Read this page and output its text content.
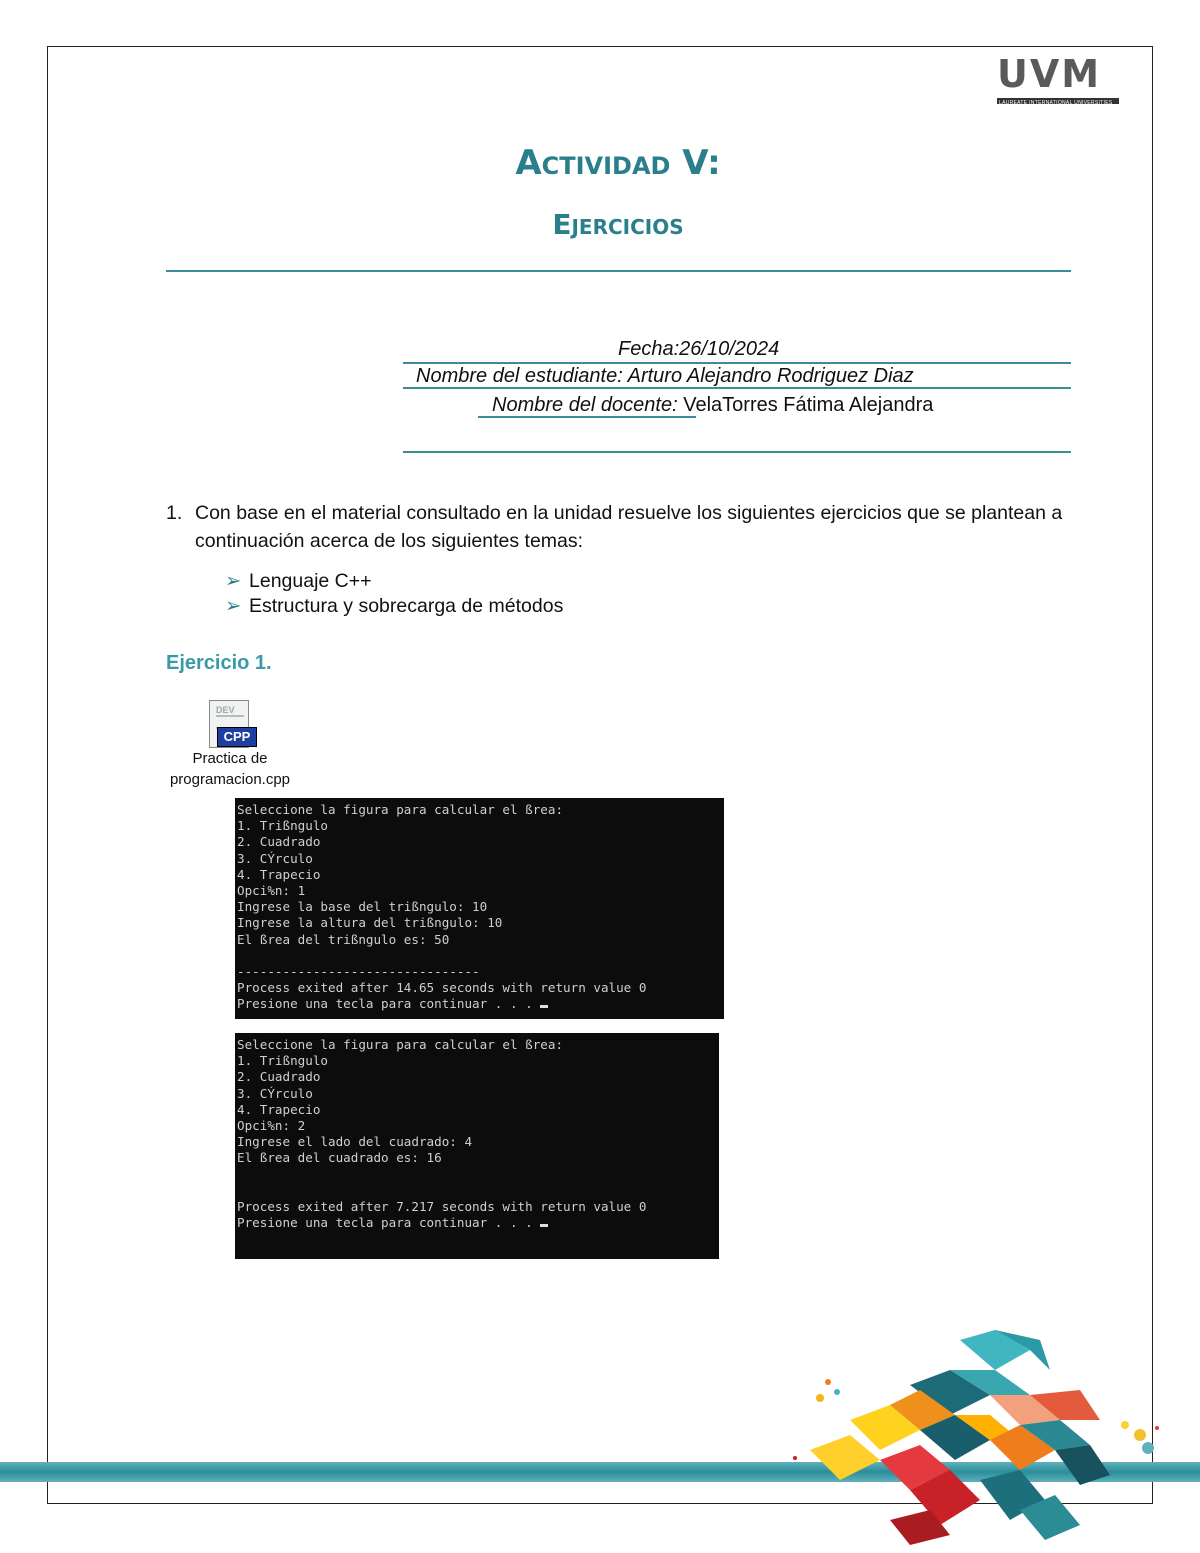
UVM
LAUREATE INTERNATIONAL UNIVERSITIES
Actividad V:
Ejercicios
Fecha:26/10/2024
Nombre del estudiante: Arturo Alejandro Rodriguez Diaz
Nombre del docente: VelaTorres Fátima Alejandra
1. Con base en el material consultado en la unidad resuelve los siguientes ejercicios que se plantean a continuación acerca de los siguientes temas:
➢ Lenguaje C++
➢ Estructura y sobrecarga de métodos
Ejercicio 1.
DEV
CPP
Practica de
programacion.cpp
Seleccione la figura para calcular el ßrea:
1. Trißngulo
2. Cuadrado
3. CÝrculo
4. Trapecio
Opci%n: 1
Ingrese la base del trißngulo: 10
Ingrese la altura del trißngulo: 10
El ßrea del trißngulo es: 50

--------------------------------
Process exited after 14.65 seconds with return value 0
Presione una tecla para continuar . . .
Seleccione la figura para calcular el ßrea:
1. Trißngulo
2. Cuadrado
3. CÝrculo
4. Trapecio
Opci%n: 2
Ingrese el lado del cuadrado: 4
El ßrea del cuadrado es: 16

Process exited after 7.217 seconds with return value 0
Presione una tecla para continuar . . .
